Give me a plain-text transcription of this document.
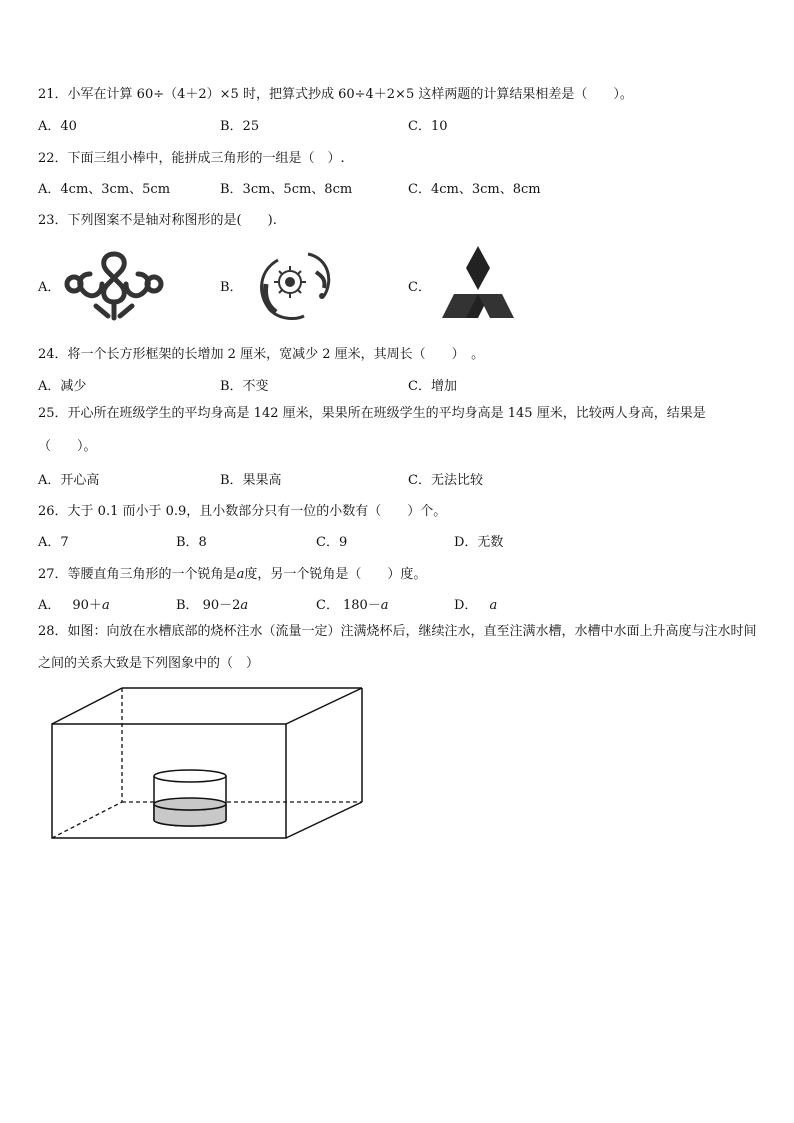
21．小军在计算 60÷（4＋2）×5 时，把算式抄成 60÷4＋2×5 这样两题的计算结果相差是（　　）。
A．40	B．25	C．10
22．下面三组小棒中，能拼成三角形的一组是（　）.
A．4cm、3cm、5cm	B．3cm、5cm、8cm	C．4cm、3cm、8cm
23．下列图案不是轴对称图形的是(　　).
A．	B．	C．
24．将一个长方形框架的长增加 2 厘米，宽减少 2 厘米，其周长（　　）　。
A．减少	B．不变	C．增加
25．开心所在班级学生的平均身高是 142 厘米，果果所在班级学生的平均身高是 145 厘米，比较两人身高，结果是（　　）。
A．开心高	B．果果高	C．无法比较
26．大于 0.1 而小于 0.9，且小数部分只有一位的小数有（　　）个。
A．7	B．8	C．9	D．无数
27．等腰直角三角形的一个锐角是a度，另一个锐角是（　　）度。
A． 90＋a	B． 90－2a	C． 180－a	D． a
28．如图：向放在水槽底部的烧杯注水（流量一定）注满烧杯后，继续注水，直至注满水槽，水槽中水面上升高度与注水时间之间的关系大致是下列图象中的（　）
